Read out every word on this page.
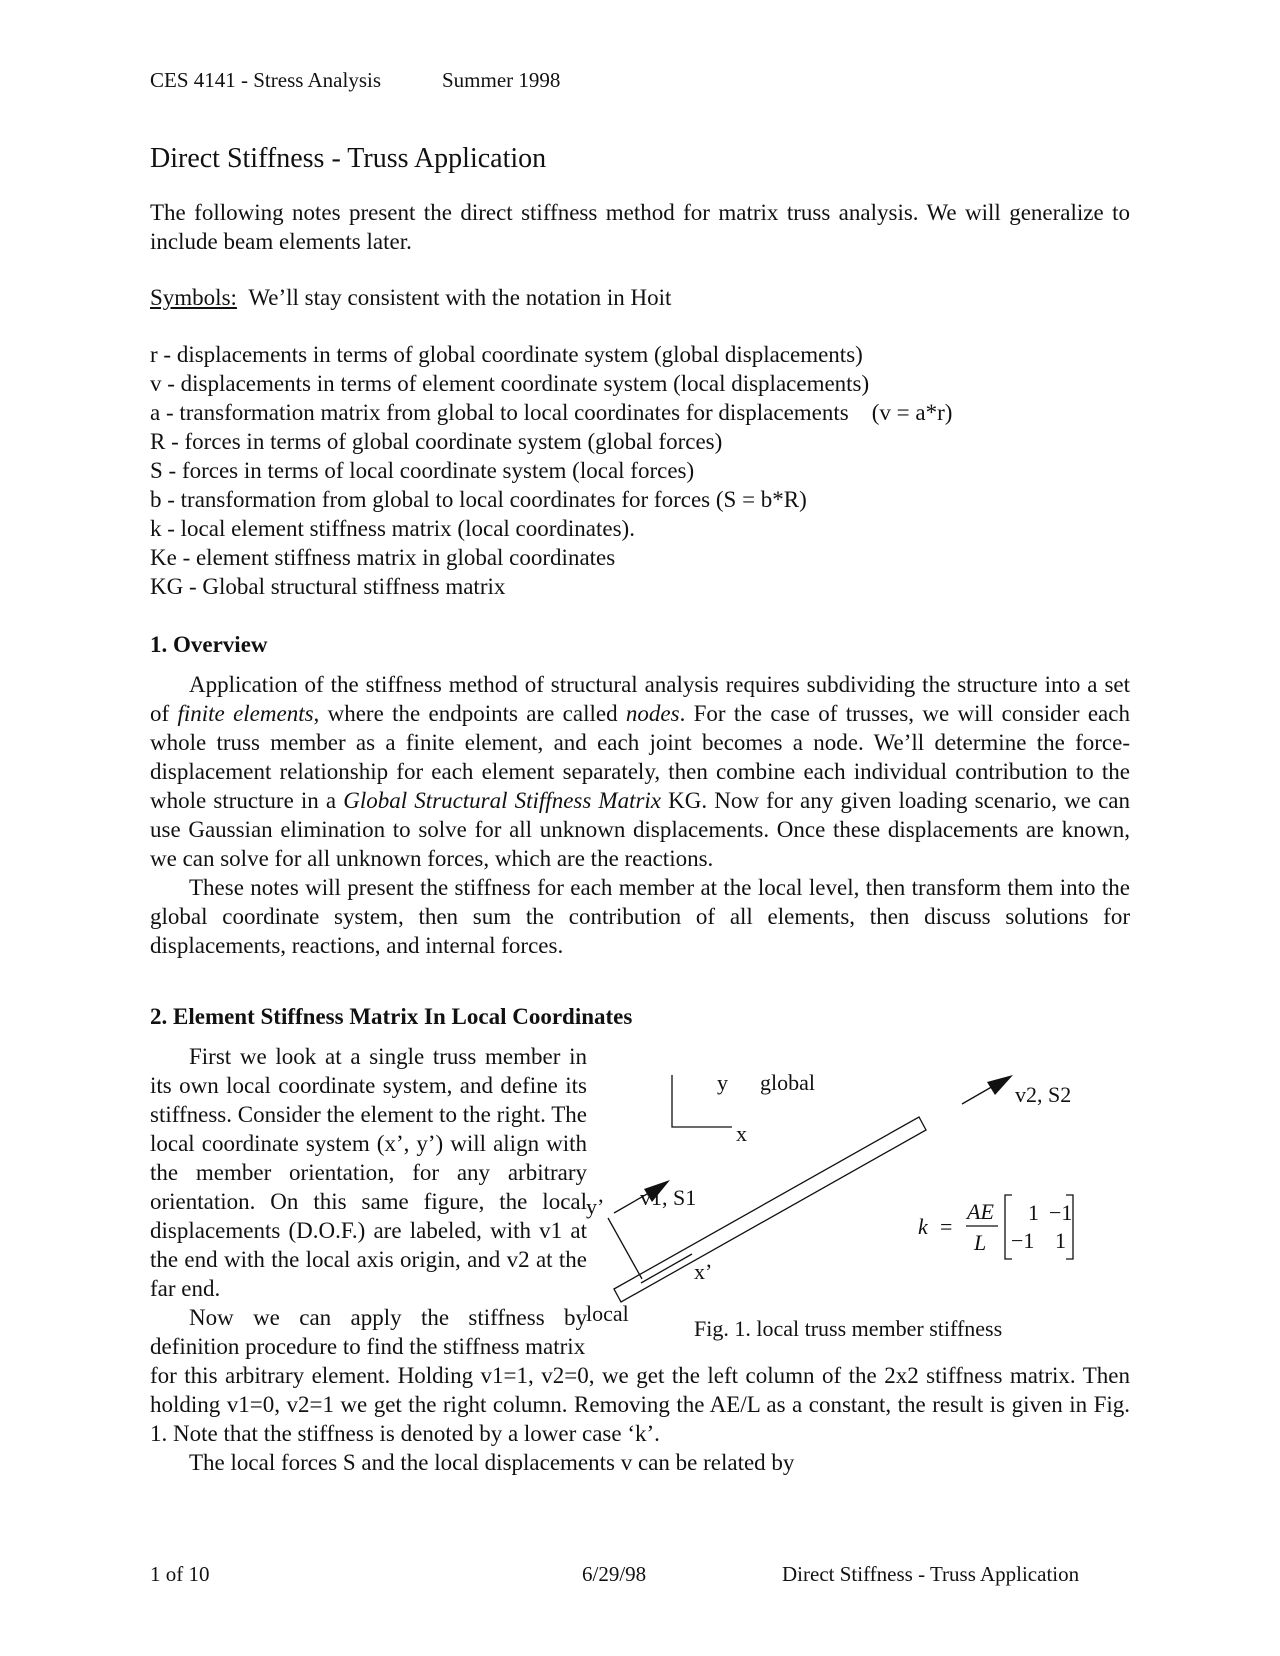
CES 4141 - Stress Analysis	Summer 1998
Direct Stiffness - Truss Application

The following notes present the direct stiffness method for matrix truss analysis. We will generalize to include beam elements later.

Symbols: We’ll stay consistent with the notation in Hoit
r - displacements in terms of global coordinate system (global displacements)
v - displacements in terms of element coordinate system (local displacements)
a - transformation matrix from global to local coordinates for displacements    (v = a*r)
R - forces in terms of global coordinate system (global forces)
S - forces in terms of local coordinate system (local forces)
b - transformation from global to local coordinates for forces (S = b*R)
k - local element stiffness matrix (local coordinates).
Ke - element stiffness matrix in global coordinates
KG - Global structural stiffness matrix
1. Overview

Application of the stiffness method of structural analysis requires subdividing the structure into a set of finite elements, where the endpoints are called nodes. For the case of trusses, we will consider each whole truss member as a finite element, and each joint becomes a node. We’ll determine the force-displacement relationship for each element separately, then combine each individual contribution to the whole structure in a Global Structural Stiffness Matrix KG. Now for any given loading scenario, we can use Gaussian elimination to solve for all unknown displacements. Once these displacements are known, we can solve for all unknown forces, which are the reactions.

These notes will present the stiffness for each member at the local level, then transform them into the global coordinate system, then sum the contribution of all elements, then discuss solutions for displacements, reactions, and internal forces.

2. Element Stiffness Matrix In Local Coordinates

First we look at a single truss member in its own local coordinate system, and define its stiffness. Consider the element to the right. The local coordinate system (x’, y’) will align with the member orientation, for any arbitrary orientation. On this same figure, the local displacements (D.O.F.) are labeled, with v1 at the end with the local axis origin, and v2 at the far end.

Now we can apply the stiffness by definition procedure to find the stiffness matrix

for this arbitrary element. Holding v1=1, v2=0, we get the left column of the 2x2 stiffness matrix. Then holding v1=0, v2=1 we get the right column. Removing the AE/L as a constant, the result is given in Fig. 1. Note that the stiffness is denoted by a lower case ‘k’.

The local forces S and the local displacements v can be related by

y global
x
y’
x’
local
v1, S1
v2, S2
k =
AE
L
1 −1
−1 1
Fig. 1. local truss member stiffness
1 of 10	6/29/98	Direct Stiffness - Truss Application
